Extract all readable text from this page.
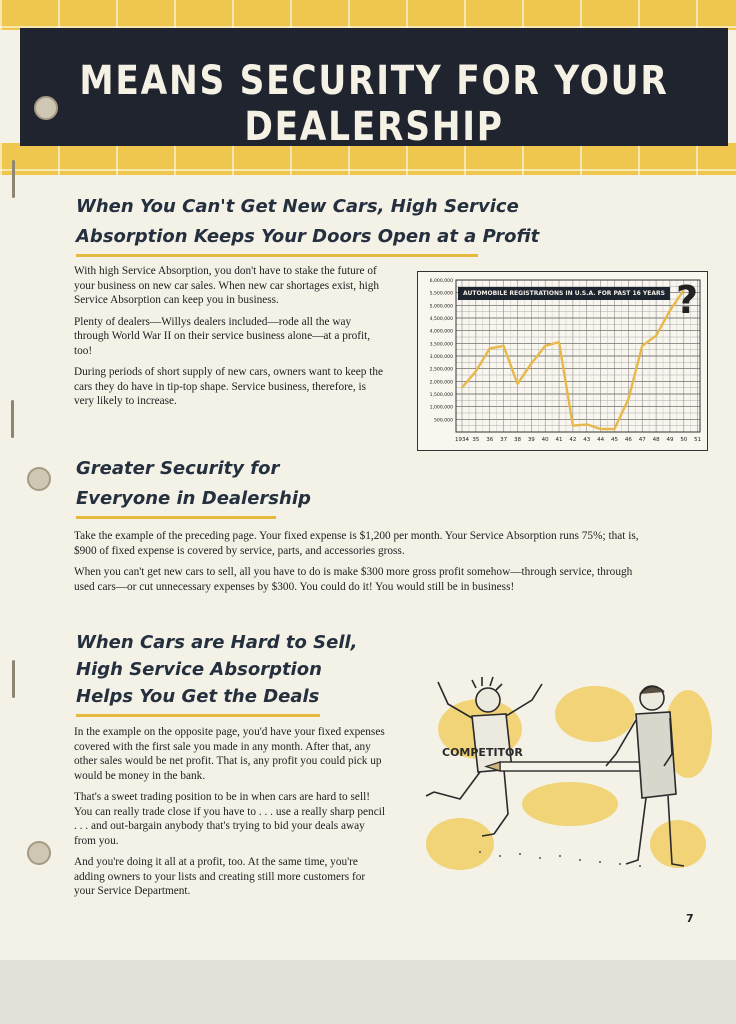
MEANS SECURITY FOR YOUR DEALERSHIP
When You Can't Get New Cars, High Service
Absorption Keeps Your Doors Open at a Profit

With high Service Absorption, you don't have to stake the future of your business on new car sales. When new car shortages exist, high Service Absorption can keep you in business.

Plenty of dealers—Willys dealers included—rode all the way through World War II on their service business alone—at a profit, too!

During periods of short supply of new cars, owners want to keep the cars they do have in tip-top shape. Service business, therefore, is very likely to increase.

500,000
1,000,000
1,500,000
2,000,000
2,500,000
3,000,000
3,500,000
4,000,000
4,500,000
5,000,000
5,500,000
6,000,000
1934 35 36 37 38 39 40 41 42 43 44 45 46 47 48 49 50 51
AUTOMOBILE REGISTRATIONS IN U.S.A. FOR PAST 16 YEARS ?
Greater Security for
Everyone in Dealership

Take the example of the preceding page. Your fixed expense is $1,200 per month. Your Service Absorption runs 75%; that is, $900 of fixed expense is covered by service, parts, and accessories gross.

When you can't get new cars to sell, all you have to do is make $300 more gross profit somehow—through service, through used cars—or cut unnecessary expenses by $300. You could do it! You would still be in business!

When Cars are Hard to Sell,
High Service Absorption
Helps You Get the Deals

In the example on the opposite page, you'd have your fixed expenses covered with the first sale you made in any month. After that, any other sales would be net profit. That is, any profit you could pick up would be money in the bank.

That's a sweet trading position to be in when cars are hard to sell! You can really trade close if you have to . . . use a really sharp pencil . . . and out-bargain anybody that's trying to bid your deals away from you.

And you're doing it all at a profit, too. At the same time, you're adding owners to your lists and creating still more customers for your Service Department.

COMPETITOR
7
